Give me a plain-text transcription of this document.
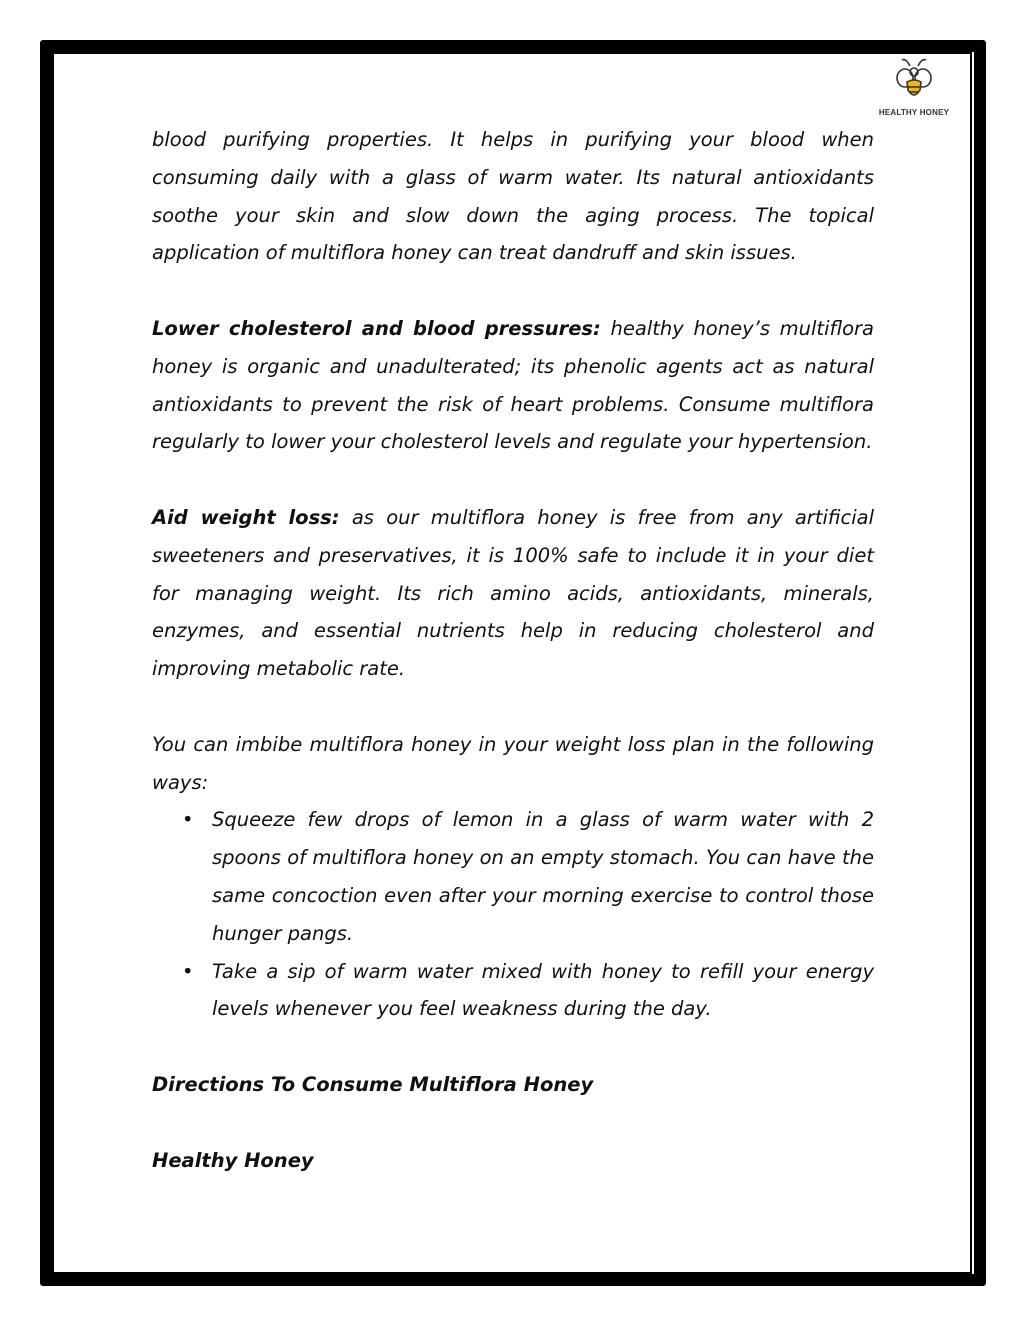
HEALTHY HONEY

blood purifying properties. It helps in purifying your blood when consuming daily with a glass of warm water. Its natural antioxidants soothe your skin and slow down the aging process. The topical application of multiflora honey can treat dandruff and skin issues.

Lower cholesterol and blood pressures: healthy honey’s multiflora honey is organic and unadulterated; its phenolic agents act as natural antioxidants to prevent the risk of heart problems. Consume multiflora regularly to lower your cholesterol levels and regulate your hypertension.

Aid weight loss: as our multiflora honey is free from any artificial sweeteners and preservatives, it is 100% safe to include it in your diet for managing weight. Its rich amino acids, antioxidants, minerals, enzymes, and essential nutrients help in reducing cholesterol and improving metabolic rate.

You can imbibe multiflora honey in your weight loss plan in the following ways:

• Squeeze few drops of lemon in a glass of warm water with 2 spoons of multiflora honey on an empty stomach. You can have the same concoction even after your morning exercise to control those hunger pangs.
• Take a sip of warm water mixed with honey to refill your energy levels whenever you feel weakness during the day.

Directions To Consume Multiflora Honey

Healthy Honey
